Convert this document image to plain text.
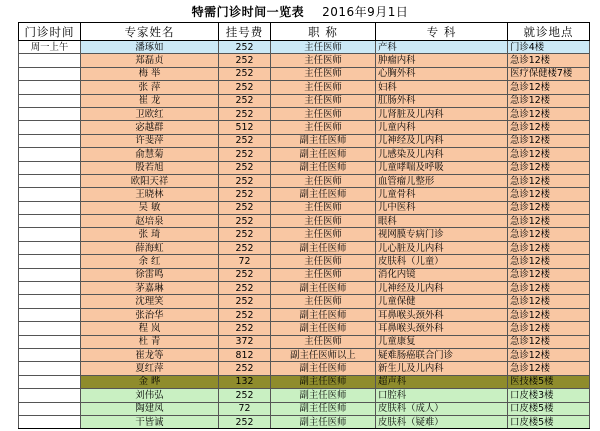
特需门诊时间一览表 2016年9月1日
门诊时间	专家姓名	挂号费	职 称	专 科	就诊地点
周一上午	潘琢如	252	主任医师	产科	门诊4楼
	郑磊贞	252	主任医师	肿瘤内科	急诊12楼
	梅 举	252	主任医师	心胸外科	医疗保健楼7楼
	张 萍	252	主任医师	妇科	急诊12楼
	崔 龙	252	主任医师	肛肠外科	急诊12楼
	卫欧红	252	主任医师	儿肾脏及儿内科	急诊12楼
	宓越群	512	主任医师	儿童内科	急诊12楼
	许斐萍	252	副主任医师	儿神经及儿内科	急诊12楼
	俞慧菊	252	副主任医师	儿感染及儿内科	急诊12楼
	殷若旭	252	副主任医师	儿童哮喘及呼吸	急诊12楼
	欧阳天祥	252	主任医师	血管瘤儿整形	急诊12楼
	王晓林	252	副主任医师	儿童骨科	急诊12楼
	吴 敏	252	主任医师	儿中医科	急诊12楼
	赵培泉	252	主任医师	眼科	急诊12楼
	张 琦	252	主任医师	视网膜专病门诊	急诊12楼
	薛海虹	252	副主任医师	儿心脏及儿内科	急诊12楼
	余 红	72	主任医师	皮肤科（儿童）	急诊12楼
	徐雷鸣	252	主任医师	消化内镜	急诊12楼
	茅嘉琳	252	副主任医师	儿神经及儿内科	急诊12楼
	沈理笑	252	主任医师	儿童保健	急诊12楼
	张治华	252	副主任医师	耳鼻喉头颈外科	急诊12楼
	程 岚	252	副主任医师	耳鼻喉头颈外科	急诊12楼
	杜 青	372	主任医师	儿童康复	急诊12楼
	崔龙等	812	副主任医师以上	疑难肠癌联合门诊	急诊12楼
	夏红萍	252	副主任医师	新生儿及儿内科	急诊12楼
	金 晔	132	副主任医师	超声科	医技楼5楼
	刘伟弘	252	副主任医师	口腔科	口皮楼3楼
	陶建凤	72	副主任医师	皮肤科（成人）	口皮楼5楼
	干皆诚	252	副主任医师	皮肤科（疑难）	口皮楼5楼
